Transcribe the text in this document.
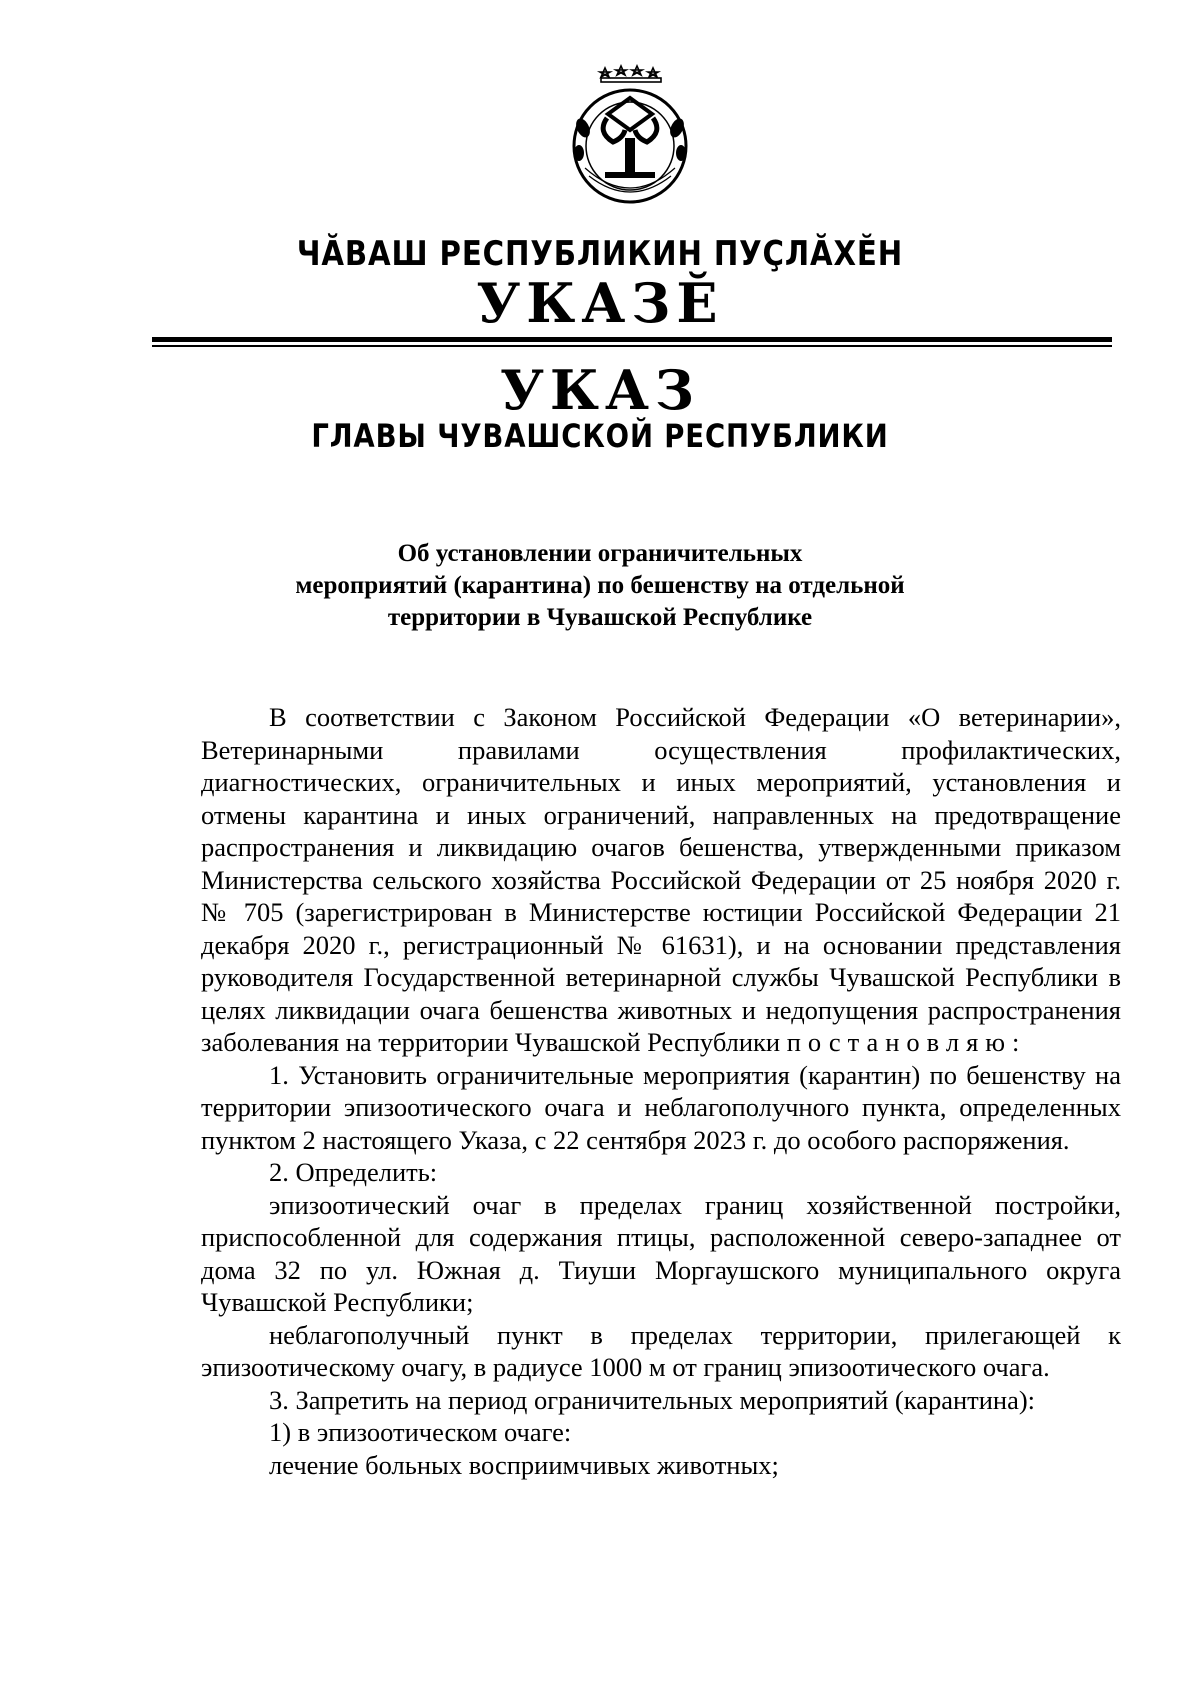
ЧĂВАШ РЕСПУБЛИКИН ПУҪЛĂХĔН
УКАЗĔ
УКАЗ
ГЛАВЫ ЧУВАШСКОЙ РЕСПУБЛИКИ
Об установлении ограничительных
мероприятий (карантина) по бешенству на отдельной
территории в Чувашской Республике

В соответствии с Законом Российской Федерации «О ветеринарии», Ветеринарными правилами осуществления профилактических, диагностических, ограничительных и иных мероприятий, установления и отмены карантина и иных ограничений, направленных на предотвращение распространения и ликвидацию очагов бешенства, утвержденными приказом Министерства сельского хозяйства Российской Федерации от 25 ноября 2020 г. № 705 (зарегистрирован в Министерстве юстиции Российской Федерации 21 декабря 2020 г., регистрационный № 61631), и на основании представления руководителя Государственной ветеринарной службы Чувашской Республики в целях ликвидации очага бешенства животных и недопущения распространения заболевания на территории Чувашской Республики постановляю:

1. Установить ограничительные мероприятия (карантин) по бешенству на территории эпизоотического очага и неблагополучного пункта, определенных пунктом 2 настоящего Указа, с 22 сентября 2023 г. до особого распоряжения.

2. Определить:

эпизоотический очаг в пределах границ хозяйственной постройки, приспособленной для содержания птицы, расположенной северо-западнее от дома 32 по ул. Южная д. Тиуши Моргаушского муниципального округа Чувашской Республики;

неблагополучный пункт в пределах территории, прилегающей к эпизоотическому очагу, в радиусе 1000 м от границ эпизоотического очага.

3. Запретить на период ограничительных мероприятий (карантина):

1) в эпизоотическом очаге:

лечение больных восприимчивых животных;
